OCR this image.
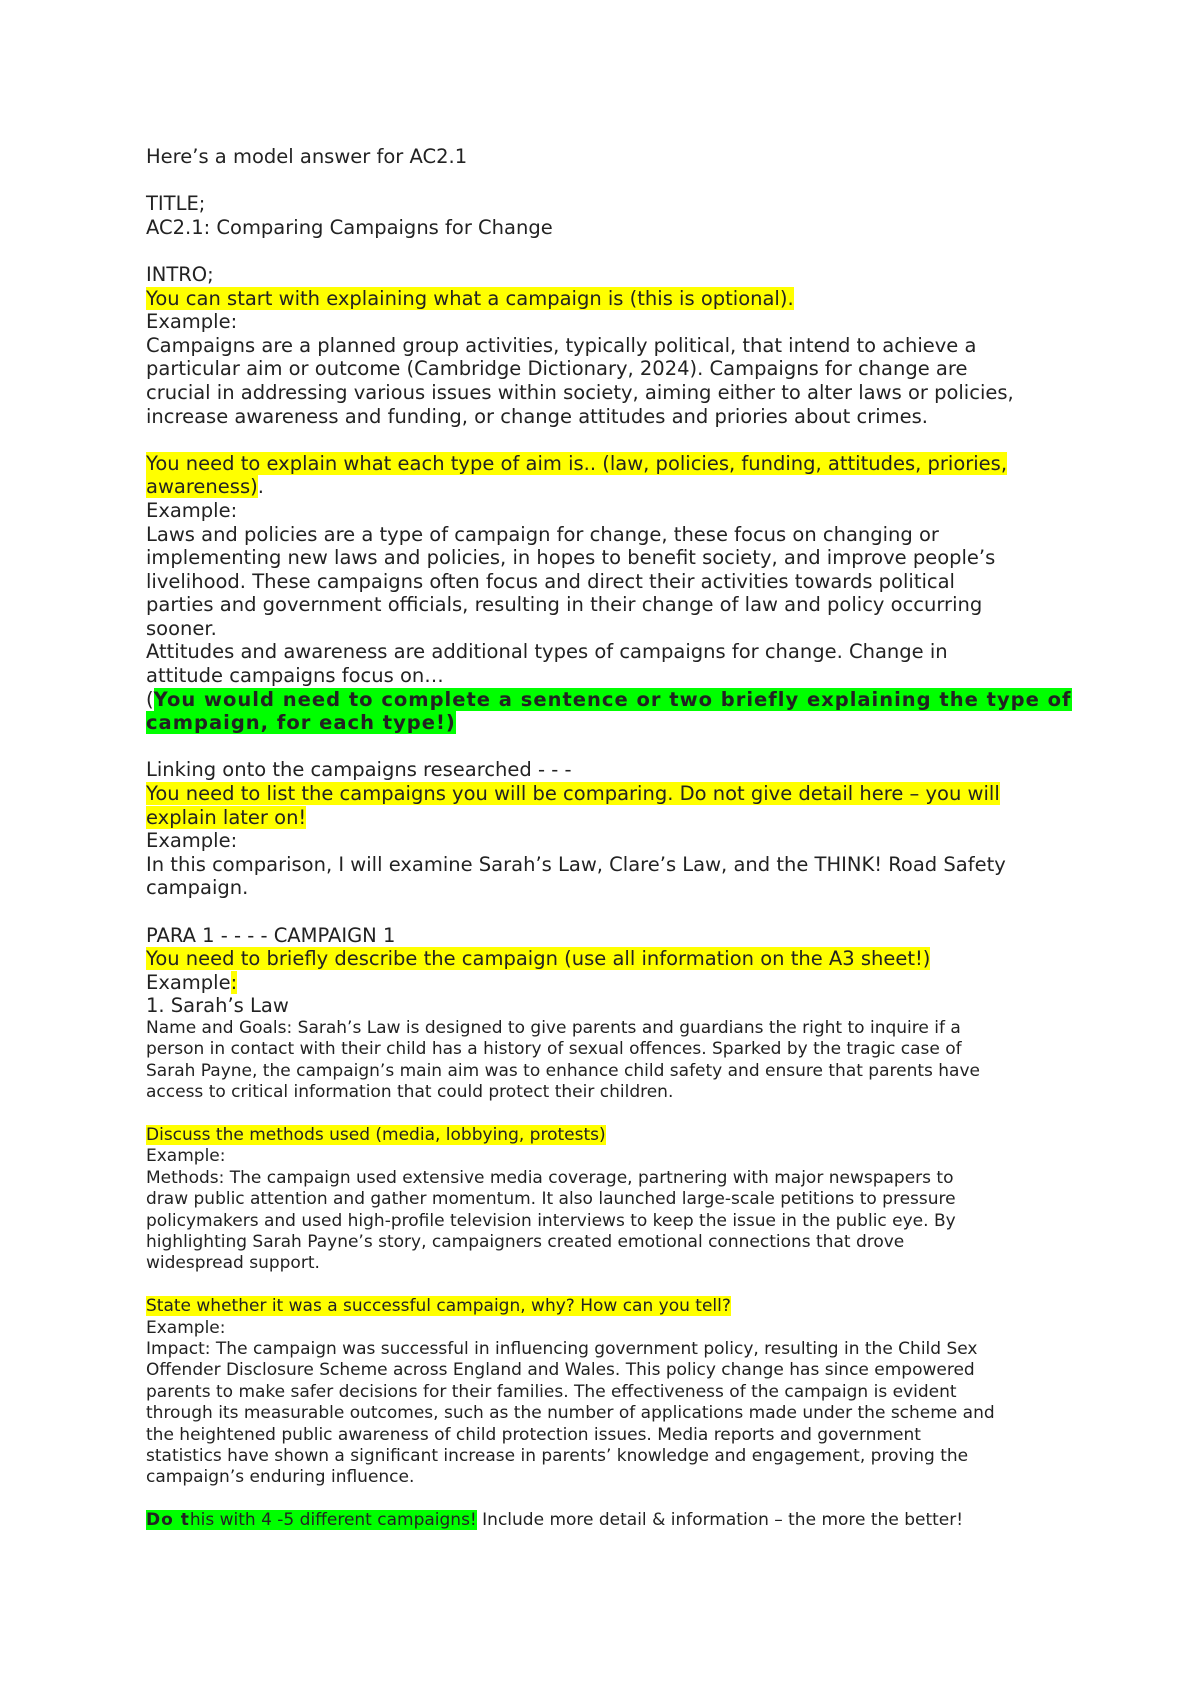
Here’s a model answer for AC2.1

TITLE;

AC2.1: Comparing Campaigns for Change

INTRO;

You can start with explaining what a campaign is (this is optional).

Example:

Campaigns are a planned group activities, typically political, that intend to achieve a

particular aim or outcome (Cambridge Dictionary, 2024). Campaigns for change are

crucial in addressing various issues within society, aiming either to alter laws or policies,

increase awareness and funding, or change attitudes and priories about crimes.

You need to explain what each type of aim is.. (law, policies, funding, attitudes, priories,

awareness).

Example:

Laws and policies are a type of campaign for change, these focus on changing or

implementing new laws and policies, in hopes to benefit society, and improve people’s

livelihood. These campaigns often focus and direct their activities towards political

parties and government officials, resulting in their change of law and policy occurring

sooner.

Attitudes and awareness are additional types of campaigns for change. Change in

attitude campaigns focus on…

(You would need to complete a sentence or two briefly explaining the type of

campaign, for each type!)

Linking onto the campaigns researched - - -

You need to list the campaigns you will be comparing. Do not give detail here – you will

explain later on!

Example:

In this comparison, I will examine Sarah’s Law, Clare’s Law, and the THINK! Road Safety

campaign.

PARA 1 - - - - CAMPAIGN 1

You need to briefly describe the campaign (use all information on the A3 sheet!)

Example:

1. Sarah’s Law

Name and Goals: Sarah’s Law is designed to give parents and guardians the right to inquire if a

person in contact with their child has a history of sexual offences. Sparked by the tragic case of

Sarah Payne, the campaign’s main aim was to enhance child safety and ensure that parents have

access to critical information that could protect their children.

Discuss the methods used (media, lobbying, protests)

Example:

Methods: The campaign used extensive media coverage, partnering with major newspapers to

draw public attention and gather momentum. It also launched large-scale petitions to pressure

policymakers and used high-profile television interviews to keep the issue in the public eye. By

highlighting Sarah Payne’s story, campaigners created emotional connections that drove

widespread support.

State whether it was a successful campaign, why? How can you tell?

Example:

Impact: The campaign was successful in influencing government policy, resulting in the Child Sex

Offender Disclosure Scheme across England and Wales. This policy change has since empowered

parents to make safer decisions for their families. The effectiveness of the campaign is evident

through its measurable outcomes, such as the number of applications made under the scheme and

the heightened public awareness of child protection issues. Media reports and government

statistics have shown a significant increase in parents’ knowledge and engagement, proving the

campaign’s enduring influence.

Do this with 4 -5 different campaigns! Include more detail & information – the more the better!
